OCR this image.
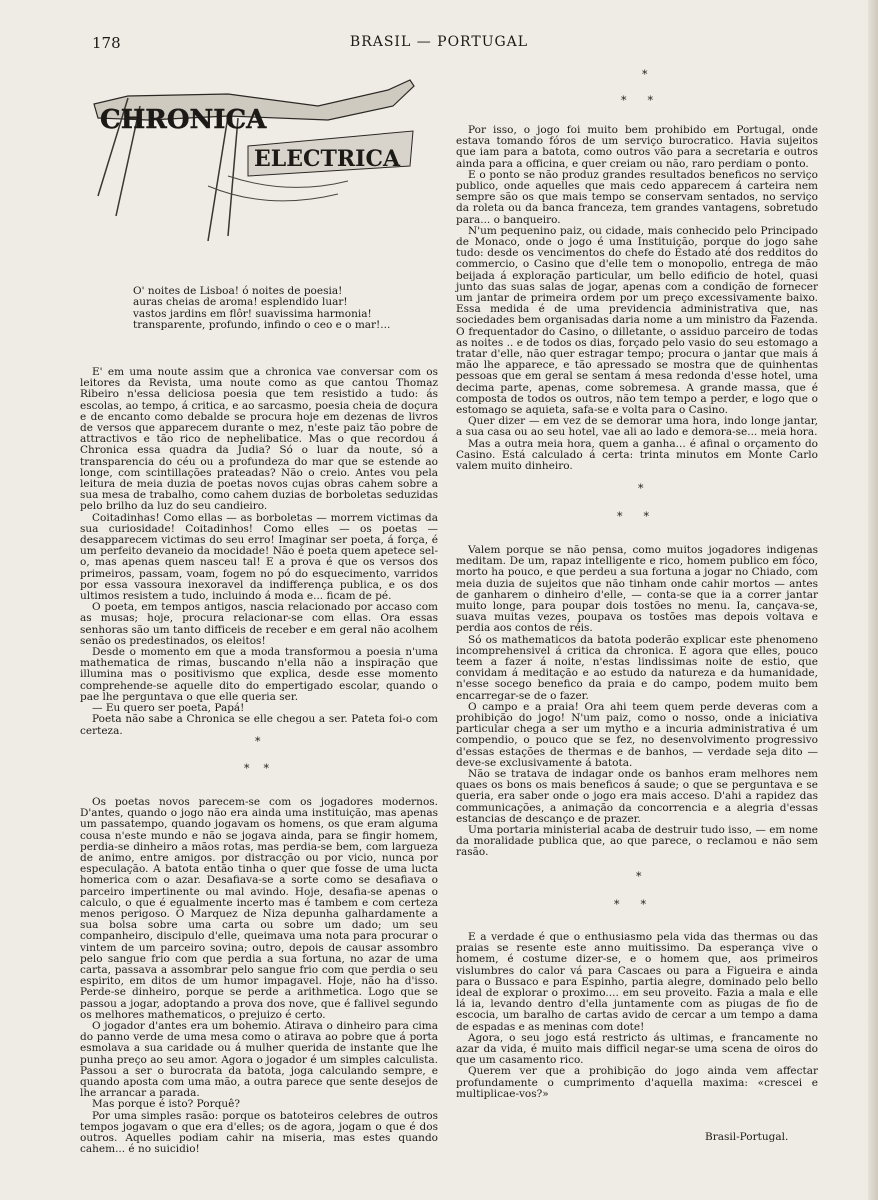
178	BRASIL — PORTUGAL
CHRONICA
ELECTRICA
O' noites de Lisboa! ó noites de poesia!
auras cheias de aroma! esplendido luar!
vastos jardins em flôr! suavissima harmonia!
transparente, profundo, infindo o ceo e o mar!...

E' em uma noute assim que a chronica vae conversar com os leitores da Revista, uma noute como as que cantou Thomaz Ribeiro n'essa deliciosa poesia que tem resistido a tudo: ás escolas, ao tempo, á critica, e ao sarcasmo, poesia cheia de doçura e de encanto como debalde se procura hoje em dezenas de livros de versos que apparecem durante o mez, n'este paiz tão pobre de attractivos e tão rico de nephelibatice. Mas o que recordou á Chronica essa quadra da Judia? Só o luar da noute, só a transparencia do céu ou a profundeza do mar que se estende ao longe, com scintillações prateadas? Não o creio. Antes vou pela leitura de meia duzia de poetas novos cujas obras cahem sobre a sua mesa de trabalho, como cahem duzias de borboletas seduzidas pelo brilho da luz do seu candieiro.

Coitadinhas! Como ellas — as borboletas — morrem victimas da sua curiosidade! Coitadinhos! Como elles — os poetas — desapparecem victimas do seu erro! Imaginar ser poeta, á força, é um perfeito devaneio da mocidade! Não é poeta quem apetece sel-o, mas apenas quem nasceu tal! E a prova é que os versos dos primeiros, passam, voam, fogem no pó do esquecimento, varridos por essa vassoura inexoravel da indifferença publica, e os dos ultimos resistem a tudo, incluindo á moda e... ficam de pé.

O poeta, em tempos antigos, nascia relacionado por accaso com as musas; hoje, procura relacionar-se com ellas. Ora essas senhoras são um tanto difficeis de receber e em geral não acolhem senão os predestinados, os eleitos!

Desde o momento em que a moda transformou a poesia n'uma mathematica de rimas, buscando n'ella não a inspiração que illumina mas o positivismo que explica, desde esse momento comprehende-se aquelle dito do empertigado escolar, quando o pae lhe perguntava o que elle queria ser.

— Eu quero ser poeta, Papá!

Poeta não sabe a Chronica se elle chegou a ser. Pateta foi-o com certeza.

*
*    *

Os poetas novos parecem-se com os jogadores modernos. D'antes, quando o jogo não era ainda uma instituição, mas apenas um passatempo, quando jogavam os homens, os que eram alguma cousa n'este mundo e não se jogava ainda, para se fingir homem, perdia-se dinheiro a mãos rotas, mas perdia-se bem, com largueza de animo, entre amigos. por distracção ou por vicio, nunca por especulação. A batota então tinha o quer que fosse de uma lucta homerica com o azar. Desafiava-se a sorte como se desafiava o parceiro impertinente ou mal avindo. Hoje, desafia-se apenas o calculo, o que é egualmente incerto mas é tambem e com certeza menos perigoso. O Marquez de Niza depunha galhardamente a sua bolsa sobre uma carta ou sobre um dado; um seu companheiro, discipulo d'elle, queimava uma nota para procurar o vintem de um parceiro sovina; outro, depois de causar assombro pelo sangue frio com que perdia a sua fortuna, no azar de uma carta, passava a assombrar pelo sangue frio com que perdia o seu espirito, em ditos de um humor impagavel. Hoje, não ha d'isso. Perde-se dinheiro, porque se perde a arithmetica. Logo que se passou a jogar, adoptando a prova dos nove, que é fallivel segundo os melhores mathematicos, o prejuizo é certo.

O jogador d'antes era um bohemio. Atirava o dinheiro para cima do panno verde de uma mesa como o atirava ao pobre que á porta esmolava a sua caridade ou á mulher querida de instante que lhe punha preço ao seu amor. Agora o jogador é um simples calculista. Passou a ser o burocrata da batota, joga calculando sempre, e quando aposta com uma mão, a outra parece que sente desejos de lhe arrancar a parada.

Mas porque é isto? Porquê?

Por uma simples rasão: porque os batoteiros celebres de outros tempos jogavam o que era d'elles; os de agora, jogam o que é dos outros. Aquelles podiam cahir na miseria, mas estes quando cahem... é no suicidio!

*
*      *

Por isso, o jogo foi muito bem prohibido em Portugal, onde estava tomando fóros de um serviço burocratico. Havia sujeitos que iam para a batota, como outros vão para a secretaria e outros ainda para a officina, e quer creiam ou não, raro perdiam o ponto.

E o ponto se não produz grandes resultados beneficos no serviço publico, onde aquelles que mais cedo apparecem á carteira nem sempre são os que mais tempo se conservam sentados, no serviço da roleta ou da banca franceza, tem grandes vantagens, sobretudo para... o banqueiro.

N'um pequenino paiz, ou cidade, mais conhecido pelo Principado de Monaco, onde o jogo é uma Instituição, porque do jogo sahe tudo: desde os vencimentos do chefe do Estado até dos redditos do commercio, o Casino que d'elle tem o monopolio, entrega de mão beijada á exploração particular, um bello edificio de hotel, quasi junto das suas salas de jogar, apenas com a condição de fornecer um jantar de primeira ordem por um preço excessivamente baixo. Essa medida é de uma previdencia administrativa que, nas sociedades bem organisadas daria nome a um ministro da Fazenda. O frequentador do Casino, o dilletante, o assiduo parceiro de todas as noites .. e de todos os dias, forçado pelo vasio do seu estomago a tratar d'elle, não quer estragar tempo; procura o jantar que mais á mão lhe apparece, e tão apressado se mostra que de quinhentas pessoas que em geral se sentam á mesa redonda d'esse hotel, uma decima parte, apenas, come sobremesa. A grande massa, que é composta de todos os outros, não tem tempo a perder, e logo que o estomago se aquieta, safa-se e volta para o Casino.

Quer dizer — em vez de se demorar uma hora, indo longe jantar, a sua casa ou ao seu hotel, vae ali ao lado e demora-se... meia hora.

Mas a outra meia hora, quem a ganha... é afinal o orçamento do Casino. Está calculado á certa: trinta minutos em Monte Carlo valem muito dinheiro.

*
*      *

Valem porque se não pensa, como muitos jogadores indigenas meditam. De um, rapaz intelligente e rico, homem publico em fóco, morto ha pouco, e que perdeu a sua fortuna a jogar no Chiado, com meia duzia de sujeitos que não tinham onde cahir mortos — antes de ganharem o dinheiro d'elle, — conta-se que ia a correr jantar muito longe, para poupar dois tostões no menu. Ia, cançava-se, suava muitas vezes, poupava os tostões mas depois voltava e perdia aos contos de réis.

Só os mathematicos da batota poderão explicar este phenomeno incomprehensivel á critica da chronica. E agora que elles, pouco teem a fazer á noite, n'estas lindissimas noite de estio, que convidam á meditação e ao estudo da natureza e da humanidade, n'esse socego benefico da praia e do campo, podem muito bem encarregar-se de o fazer.

O campo e a praia! Ora ahi teem quem perde deveras com a prohibição do jogo! N'um paiz, como o nosso, onde a iniciativa particular chega a ser um mytho e a incuria administrativa é um compendio, o pouco que se fez, no desenvolvimento progressivo d'essas estações de thermas e de banhos, — verdade seja dito — deve-se exclusivamente á batota.

Não se tratava de indagar onde os banhos eram melhores nem quaes os bons os mais beneficos á saude; o que se perguntava e se queria, era saber onde o jogo era mais acceso. D'ahi a rapidez das communicações, a animação da concorrencia e a alegria d'essas estancias de descanço e de prazer.

Uma portaria ministerial acaba de destruir tudo isso, — em nome da moralidade publica que, ao que parece, o reclamou e não sem rasão.

*
*      *

E a verdade é que o enthusiasmo pela vida das thermas ou das praias se resente este anno muitissimo. Da esperança vive o homem, é costume dizer-se, e o homem que, aos primeiros vislumbres do calor vá para Cascaes ou para a Figueira e ainda para o Bussaco e para Espinho, partia alegre, dominado pelo bello ideal de explorar o proximo.... em seu proveito. Fazia a mala e elle lá ia, levando dentro d'ella juntamente com as piugas de fio de escocia, um baralho de cartas avido de cercar a um tempo a dama de espadas e as meninas com dote!

Agora, o seu jogo está restricto ás ultimas, e francamente no azar da vida, é muito mais difficil negar-se uma scena de oiros do que um casamento rico.

Querem ver que a prohibição do jogo ainda vem affectar profundamente o cumprimento d'aquella maxima: «crescei e multiplicae-vos?»

Brasil-Portugal.
